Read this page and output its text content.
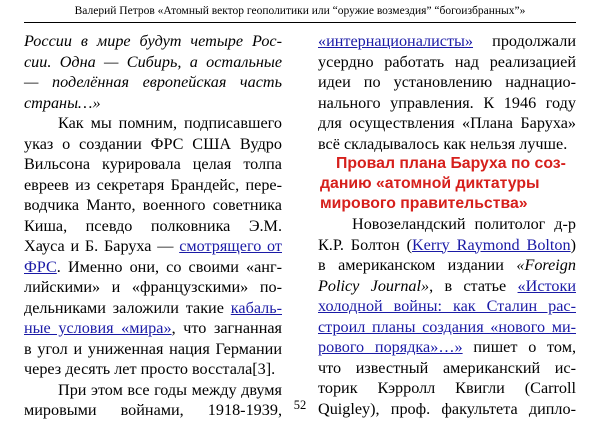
Валерий Петров «Атомный вектор геополитики или “оружие возмездия” “богоизбранных”»
России в мире будут четыре Рос-
сии. Одна — Сибирь, а остальные
— поделённая европейская часть
страны…»
Как мы помним, подписавшего
указ о создании ФРС США Вудро
Вильсона курировала целая толпа
евреев из секретаря Брандейс, пере-
водчика Манто, военного советника
Киша, псевдо полковника Э.М.
Хауса и Б. Баруха — смотрящего от
ФРС. Именно они, со своими «анг-
лийскими» и «французскими» по-
дельниками заложили такие кабаль-
ные условия «мира», что загнанная
в угол и униженная нация Германии
через десять лет просто восстала[3].
При этом все годы между двумя
мировыми войнами, 1918-1939,
«интернационалисты» продолжали
усердно работать над реализацией
идеи по установлению наднацио-
нального управления. К 1946 году
для осуществления «Плана Баруха»
всё складывалось как нельзя лучше.
Провал плана Баруха по соз-
данию «атомной диктатуры
мирового правительства»
Новозеландский политолог д-р
К.Р. Болтон (Kerry Raymond Bolton)
в американском издании «Foreign
Policy Journal», в статье «Истоки
холодной войны: как Сталин рас-
строил планы создания «нового ми-
рового порядка»…» пишет о том,
что известный американский ис-
торик Кэрролл Квигли (Carroll
Quigley), проф. факультета дипло-
52
